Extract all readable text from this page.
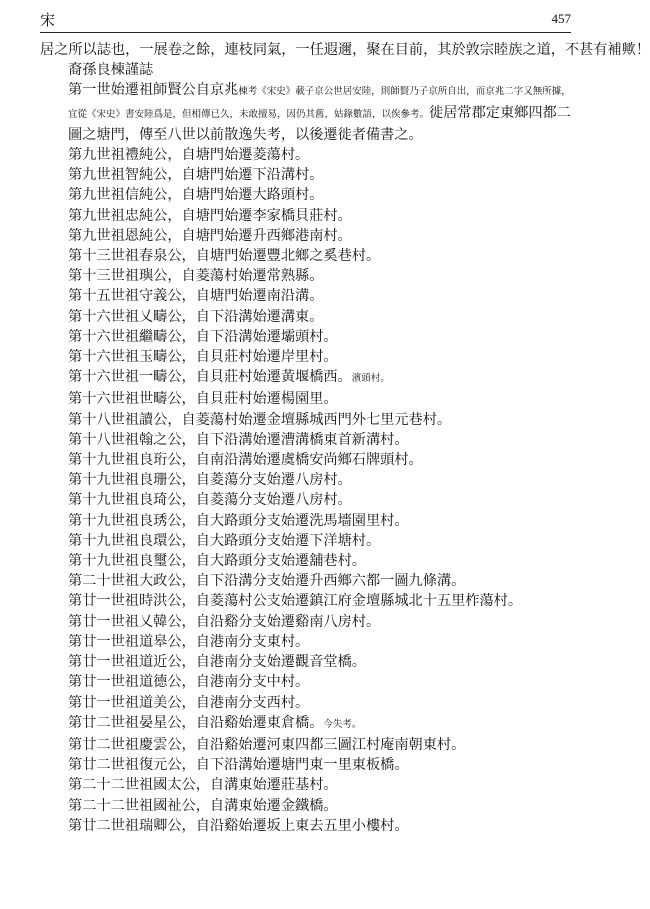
宋	457
居之所以誌也，一展卷之餘，連枝同氣，一任遐邇，聚在目前，其於敦宗睦族之道，不甚有補歟！
裔孫良棟謹誌
第一世始遷祖師賢公自京兆棟考《宋史》載子京公世居安陸，則師賢乃子京所自出，而京兆二字又無所據，宜從《宋史》書安陸爲是，但相傳已久，未敢擅易，因仍其舊，姑錄數語，以俟參考。徙居常郡定東鄉四都二圖之塘門，傳至八世以前散逸失考，以後遷徙者備書之。
第九世祖禮純公，自塘門始遷菱蕩村。
第九世祖智純公，自塘門始遷下沿溝村。
第九世祖信純公，自塘門始遷大路頭村。
第九世祖忠純公，自塘門始遷李家橋貝莊村。
第九世祖恩純公，自塘門始遷升西鄉港南村。
第十三世祖春泉公，自塘門始遷豐北鄉之奚巷村。
第十三世祖璵公，自菱蕩村始遷常熟縣。
第十五世祖守義公，自塘門始遷南沿溝。
第十六世祖乂疇公，自下沿溝始遷溝東。
第十六世祖繼疇公，自下沿溝始遷壩頭村。
第十六世祖玉疇公，自貝莊村始遷岸里村。
第十六世祖一疇公，自貝莊村始遷黃堰橋西。濱頭村。
第十六世祖世疇公，自貝莊村始遷楊園里。
第十八世祖讀公，自菱蕩村始遷金壇縣城西門外七里元巷村。
第十八世祖翰之公，自下沿溝始遷漕溝橋東首新溝村。
第十九世祖良珩公，自南沿溝始遷虞橋安尚鄉石牌頭村。
第十九世祖良珊公，自菱蕩分支始遷八房村。
第十九世祖良琦公，自菱蕩分支始遷八房村。
第十九世祖良琇公，自大路頭分支始遷洗馬墻園里村。
第十九世祖良環公，自大路頭分支始遷下洋塘村。
第十九世祖良璽公，自大路頭分支始遷舖巷村。
第二十世祖大政公，自下沿溝分支始遷升西鄉六都一圖九條溝。
第廿一世祖時洪公，自菱蕩村公支始遷鎮江府金壇縣城北十五里柞蕩村。
第廿一世祖乂韓公，自沿谿分支始遷谿南八房村。
第廿一世祖道皋公，自港南分支東村。
第廿一世祖道近公，自港南分支始遷觀音堂橋。
第廿一世祖道德公，自港南分支中村。
第廿一世祖道美公，自港南分支西村。
第廿二世祖晏星公，自沿谿始遷東倉橋。今失考。
第廿二世祖慶雲公，自沿谿始遷河東四都三圖江村庵南朝東村。
第廿二世祖復元公，自下沿溝始遷塘門東一里東板橋。
第二十二世祖國太公，自溝東始遷莊基村。
第二十二世祖國祉公，自溝東始遷金鐵橋。
第廿二世祖瑞卿公，自沿谿始遷坂上東去五里小樓村。
